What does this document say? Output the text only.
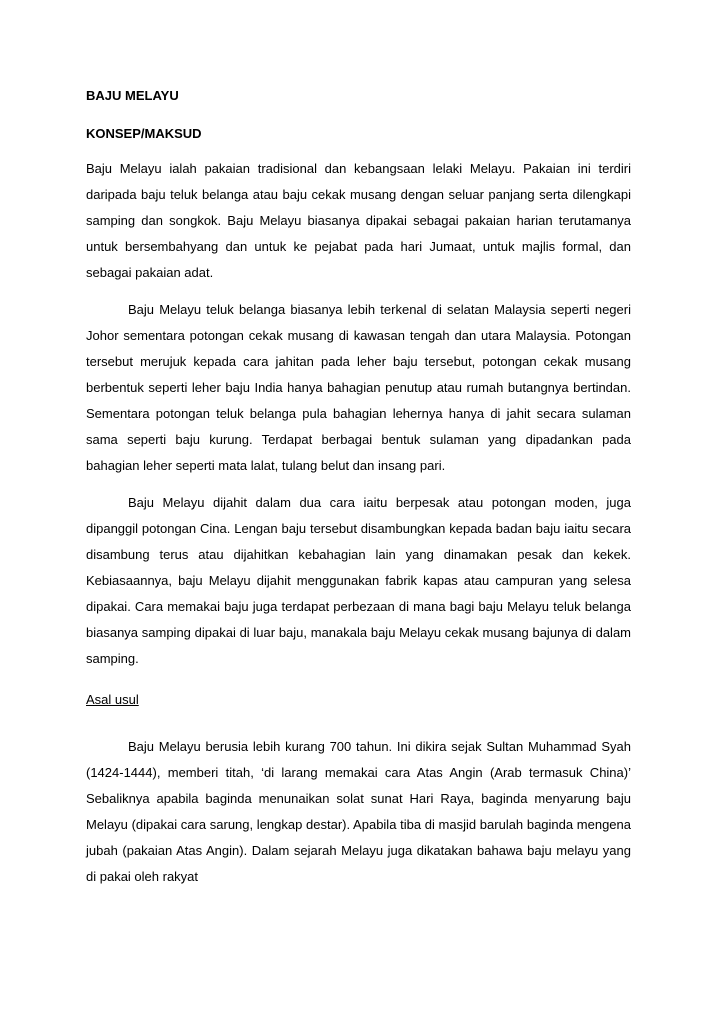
BAJU MELAYU

KONSEP/MAKSUD

Baju Melayu ialah pakaian tradisional dan kebangsaan lelaki Melayu. Pakaian ini terdiri daripada baju teluk belanga atau baju cekak musang dengan seluar panjang serta dilengkapi samping dan songkok. Baju Melayu biasanya dipakai sebagai pakaian harian terutamanya untuk bersembahyang dan untuk ke pejabat pada hari Jumaat, untuk majlis formal, dan sebagai pakaian adat.

Baju Melayu teluk belanga biasanya lebih terkenal di selatan Malaysia seperti negeri Johor sementara potongan cekak musang di kawasan tengah dan utara Malaysia. Potongan tersebut merujuk kepada cara jahitan pada leher baju tersebut, potongan cekak musang berbentuk seperti leher baju India hanya bahagian penutup atau rumah butangnya bertindan. Sementara potongan teluk belanga pula bahagian lehernya hanya di jahit secara sulaman sama seperti baju kurung. Terdapat berbagai bentuk sulaman yang dipadankan pada bahagian leher seperti mata lalat, tulang belut dan insang pari.

Baju Melayu dijahit dalam dua cara iaitu berpesak atau potongan moden, juga dipanggil potongan Cina. Lengan baju tersebut disambungkan kepada badan baju iaitu secara disambung terus atau dijahitkan kebahagian lain yang dinamakan pesak dan kekek. Kebiasaannya, baju Melayu dijahit menggunakan fabrik kapas atau campuran yang selesa dipakai. Cara memakai baju juga terdapat perbezaan di mana bagi baju Melayu teluk belanga biasanya samping dipakai di luar baju, manakala baju Melayu cekak musang bajunya di dalam samping.

Asal usul

Baju Melayu berusia lebih kurang 700 tahun. Ini dikira sejak Sultan Muhammad Syah (1424-1444), memberi titah, ‘di larang memakai cara Atas Angin (Arab termasuk China)’ Sebaliknya apabila baginda menunaikan solat sunat Hari Raya, baginda menyarung baju Melayu (dipakai cara sarung, lengkap destar). Apabila tiba di masjid barulah baginda mengena jubah (pakaian Atas Angin). Dalam sejarah Melayu juga dikatakan bahawa baju melayu yang di pakai oleh rakyat
